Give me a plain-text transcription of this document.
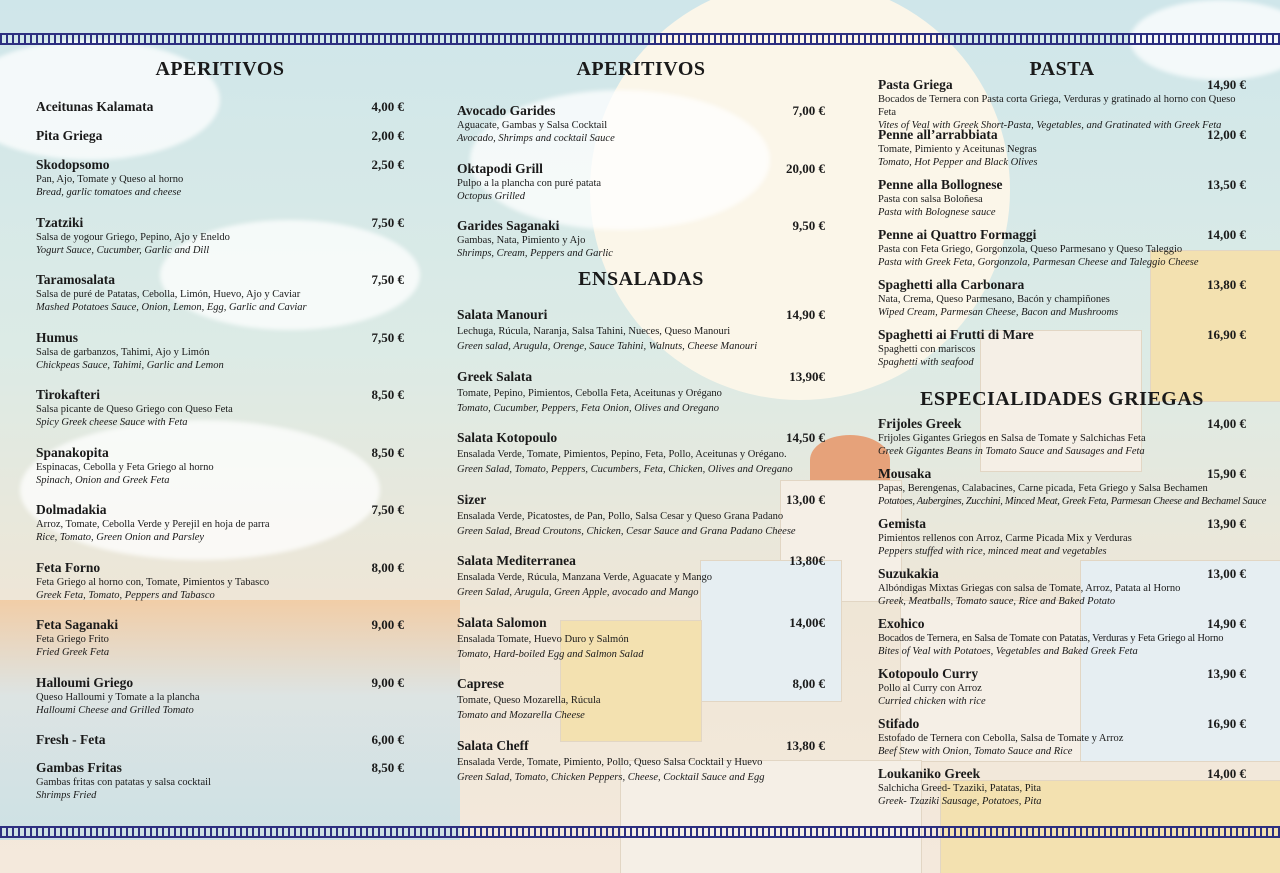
APERITIVOS
Aceitunas Kalamata	4,00 €
Pita Griega	2,00 €
Skodopsomo	2,50 €
Pan, Ajo, Tomate y Queso al horno
Bread, garlic tomatoes and cheese
Tzatziki	7,50 €
Salsa de yogour Griego, Pepino, Ajo y Eneldo
Yogurt Sauce, Cucumber, Garlic and Dill
Taramosalata	7,50 €
Salsa de puré de Patatas, Cebolla, Limón, Huevo, Ajo y Caviar
Mashed Potatoes Sauce, Onion, Lemon, Egg, Garlic and Caviar
Humus	7,50 €
Salsa de garbanzos, Tahimi, Ajo y Limón
Chickpeas Sauce, Tahimi, Garlic and Lemon
Tirokafteri	8,50 €
Salsa picante de Queso Griego con Queso Feta
Spicy Greek cheese Sauce with Feta
Spanakopita	8,50 €
Espinacas, Cebolla y Feta Griego al horno
Spinach, Onion and Greek Feta
Dolmadakia	7,50 €
Arroz, Tomate, Cebolla Verde y Perejil en hoja de parra
Rice, Tomato, Green Onion and Parsley
Feta Forno	8,00 €
Feta Griego al horno con, Tomate, Pimientos y Tabasco
Greek Feta, Tomato, Peppers and Tabasco
Feta Saganaki	9,00 €
Feta Griego Frito
Fried Greek Feta
Halloumi Griego	9,00 €
Queso Halloumi y Tomate a la plancha
Halloumi Cheese and Grilled Tomato
Fresh - Feta	6,00 €
Gambas Fritas	8,50 €
Gambas fritas con patatas y salsa cocktail
Shrimps Fried
APERITIVOS
Avocado Garides	7,00 €
Aguacate, Gambas y Salsa Cocktail
Avocado, Shrimps and cocktail Sauce
Oktapodi Grill	20,00 €
Pulpo a la plancha con puré patata
Octopus Grilled
Garides Saganaki	9,50 €
Gambas, Nata, Pimiento y Ajo
Shrimps, Cream, Peppers and Garlic
ENSALADAS
Salata Manouri	14,90 €
Lechuga, Rúcula, Naranja, Salsa Tahini, Nueces, Queso Manouri
Green salad, Arugula, Orenge, Sauce Tahini, Walnuts, Cheese Manouri
Greek Salata	13,90€
Tomate, Pepino, Pimientos, Cebolla Feta, Aceitunas y Orégano
Tomato, Cucumber, Peppers, Feta Onion, Olives and Oregano
Salata Kotopoulo	14,50 €
Ensalada Verde, Tomate, Pimientos, Pepino, Feta, Pollo, Aceitunas y Orégano.
Green Salad, Tomato, Peppers, Cucumbers, Feta, Chicken, Olives and Oregano
Sizer	13,00 €
Ensalada Verde, Picatostes, de Pan, Pollo, Salsa Cesar y Queso Grana Padano
Green Salad, Bread Croutons, Chicken, Cesar Sauce and Grana Padano Cheese
Salata Mediterranea	13,80€
Ensalada Verde, Rúcula, Manzana Verde, Aguacate y Mango
Green Salad, Arugula, Green Apple, avocado and Mango
Salata Salomon	14,00€
Ensalada Tomate, Huevo Duro y Salmón
Tomato, Hard-boiled Egg and Salmon Salad
Caprese	8,00 €
Tomate, Queso Mozarella, Rúcula
Tomato and Mozarella Cheese
Salata Cheff	13,80 €
Ensalada Verde, Tomate, Pimiento, Pollo, Queso Salsa Cocktail y Huevo
Green Salad, Tomato, Chicken Peppers, Cheese, Cocktail Sauce and Egg
PASTA
Pasta Griega	14,90 €
Bocados de Ternera con Pasta corta Griega, Verduras y gratinado al horno con Queso Feta
Vites of Veal with Greek Short-Pasta, Vegetables, and Gratinated with Greek Feta
Penne all’arrabbiata	12,00 €
Tomate, Pimiento y Aceitunas Negras
Tomato, Hot Pepper and Black Olives
Penne alla Bollognese	13,50 €
Pasta con salsa Boloñesa
Pasta with Bolognese sauce
Penne ai Quattro Formaggi	14,00 €
Pasta con Feta Griego, Gorgonzola, Queso Parmesano y Queso Taleggio
Pasta with Greek Feta, Gorgonzola, Parmesan Cheese and Taleggio Cheese
Spaghetti alla Carbonara	13,80 €
Nata, Crema, Queso Parmesano, Bacón y champiñones
Wiped Cream, Parmesan Cheese, Bacon and Mushrooms
Spaghetti ai Frutti di Mare	16,90 €
Spaghetti con mariscos
Spaghetti with seafood
ESPECIALIDADES GRIEGAS
Frijoles Greek	14,00 €
Frijoles Gigantes Griegos en Salsa de Tomate y Salchichas Feta
Greek Gigantes Beans in Tomato Sauce and Sausages and Feta
Mousaka	15,90 €
Papas, Berengenas, Calabacines, Carne picada, Feta Griego y Salsa Bechamen
Potatoes, Aubergines, Zucchini, Minced Meat, Greek Feta, Parmesan Cheese and Bechamel Sauce
Gemista	13,90 €
Pimientos rellenos con Arroz, Carme Picada Mix y Verduras
Peppers stuffed with rice, minced meat and vegetables
Suzukakia	13,00 €
Albóndigas Mixtas Griegas con salsa de Tomate, Arroz, Patata al Horno
Greek, Meatballs, Tomato sauce, Rice and Baked Potato
Exohico	14,90 €
Bocados de Ternera, en Salsa de Tomate con Patatas, Verduras y Feta Griego al Horno
Bites of Veal with Potatoes, Vegetables and Baked Greek Feta
Kotopoulo Curry	13,90 €
Pollo al Curry con Arroz
Curried chicken with rice
Stifado	16,90 €
Estofado de Ternera con Cebolla, Salsa de Tomate y Arroz
Beef Stew with Onion, Tomato Sauce and Rice
Loukaniko Greek	14,00 €
Salchicha Greed- Tzaziki, Patatas, Pita
Greek- Tzaziki Sausage, Potatoes, Pita
